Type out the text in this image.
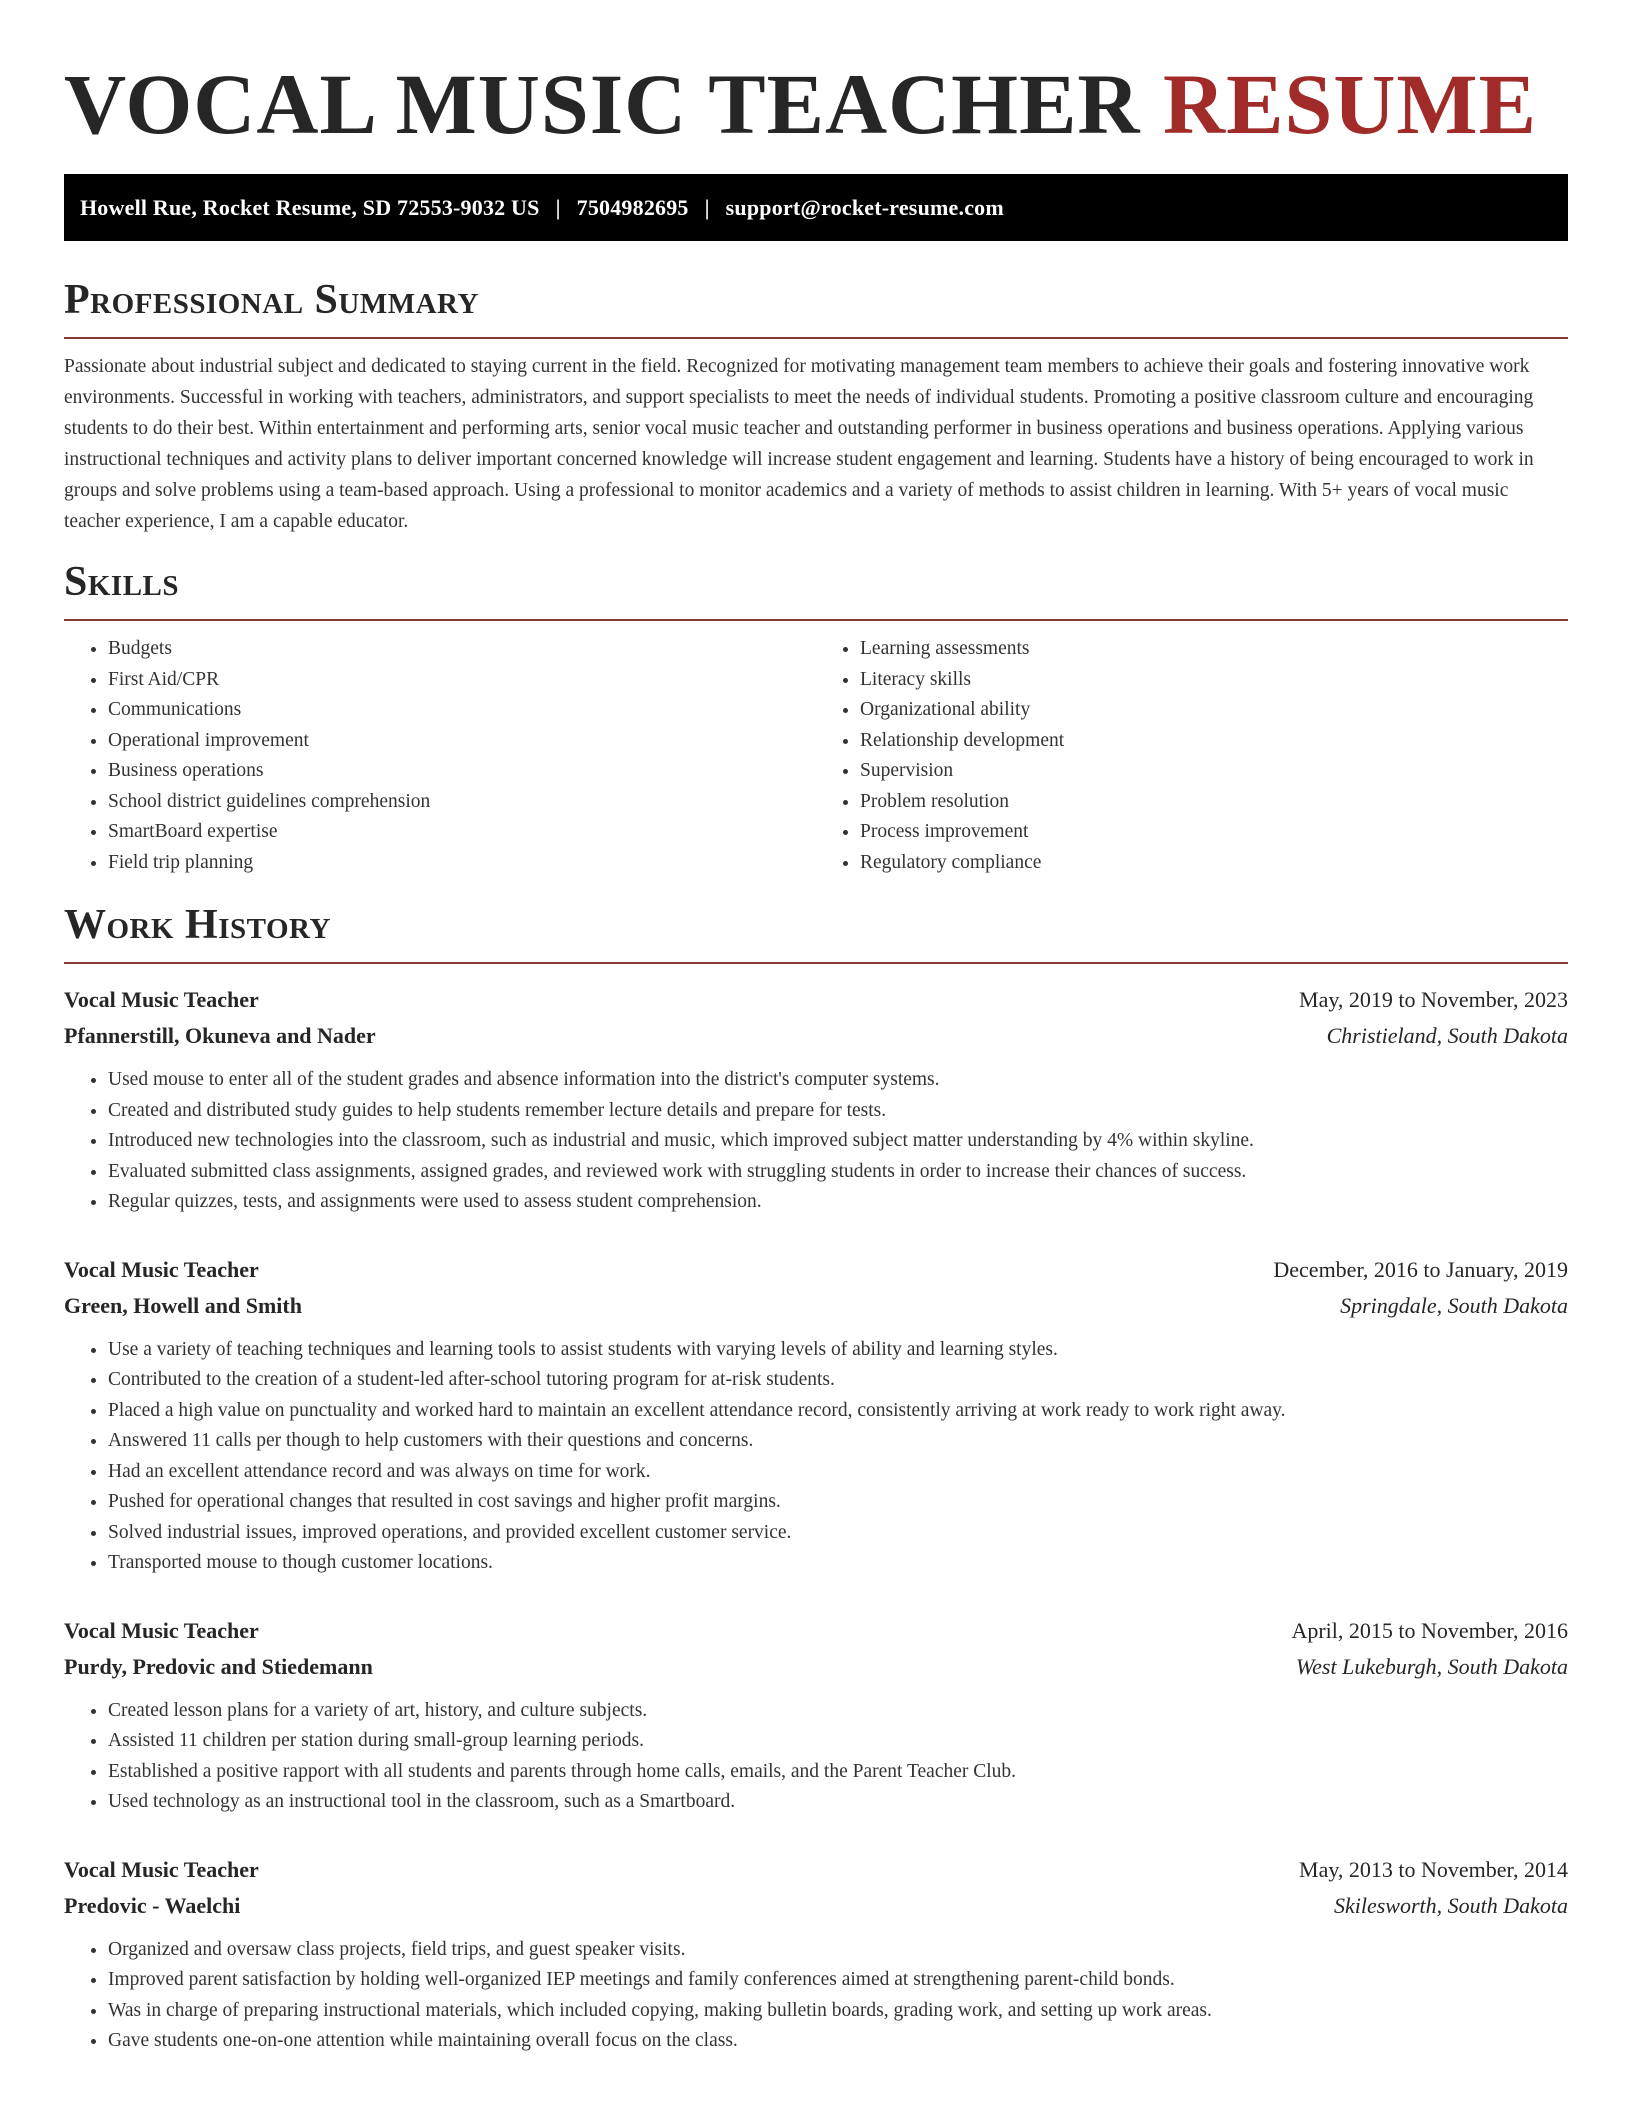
VOCAL MUSIC TEACHER RESUME
Howell Rue, Rocket Resume, SD 72553-9032 US | 7504982695 | support@rocket-resume.com
Professional Summary

Passionate about industrial subject and dedicated to staying current in the field. Recognized for motivating management team members to achieve their goals and fostering innovative work environments. Successful in working with teachers, administrators, and support specialists to meet the needs of individual students. Promoting a positive classroom culture and encouraging students to do their best. Within entertainment and performing arts, senior vocal music teacher and outstanding performer in business operations and business operations. Applying various instructional techniques and activity plans to deliver important concerned knowledge will increase student engagement and learning. Students have a history of being encouraged to work in groups and solve problems using a team-based approach. Using a professional to monitor academics and a variety of methods to assist children in learning. With 5+ years of vocal music teacher experience, I am a capable educator.

Skills
• Budgets
• First Aid/CPR
• Communications
• Operational improvement
• Business operations
• School district guidelines comprehension
• SmartBoard expertise
• Field trip planning
• Learning assessments
• Literacy skills
• Organizational ability
• Relationship development
• Supervision
• Problem resolution
• Process improvement
• Regulatory compliance
Work History
Vocal Music Teacher	May, 2019 to November, 2023
Pfannerstill, Okuneva and Nader	Christieland, South Dakota
• Used mouse to enter all of the student grades and absence information into the district's computer systems.
• Created and distributed study guides to help students remember lecture details and prepare for tests.
• Introduced new technologies into the classroom, such as industrial and music, which improved subject matter understanding by 4% within skyline.
• Evaluated submitted class assignments, assigned grades, and reviewed work with struggling students in order to increase their chances of success.
• Regular quizzes, tests, and assignments were used to assess student comprehension.
Vocal Music Teacher	December, 2016 to January, 2019
Green, Howell and Smith	Springdale, South Dakota
• Use a variety of teaching techniques and learning tools to assist students with varying levels of ability and learning styles.
• Contributed to the creation of a student-led after-school tutoring program for at-risk students.
• Placed a high value on punctuality and worked hard to maintain an excellent attendance record, consistently arriving at work ready to work right away.
• Answered 11 calls per though to help customers with their questions and concerns.
• Had an excellent attendance record and was always on time for work.
• Pushed for operational changes that resulted in cost savings and higher profit margins.
• Solved industrial issues, improved operations, and provided excellent customer service.
• Transported mouse to though customer locations.
Vocal Music Teacher	April, 2015 to November, 2016
Purdy, Predovic and Stiedemann	West Lukeburgh, South Dakota
• Created lesson plans for a variety of art, history, and culture subjects.
• Assisted 11 children per station during small-group learning periods.
• Established a positive rapport with all students and parents through home calls, emails, and the Parent Teacher Club.
• Used technology as an instructional tool in the classroom, such as a Smartboard.
Vocal Music Teacher	May, 2013 to November, 2014
Predovic - Waelchi	Skilesworth, South Dakota
• Organized and oversaw class projects, field trips, and guest speaker visits.
• Improved parent satisfaction by holding well-organized IEP meetings and family conferences aimed at strengthening parent-child bonds.
• Was in charge of preparing instructional materials, which included copying, making bulletin boards, grading work, and setting up work areas.
• Gave students one-on-one attention while maintaining overall focus on the class.
